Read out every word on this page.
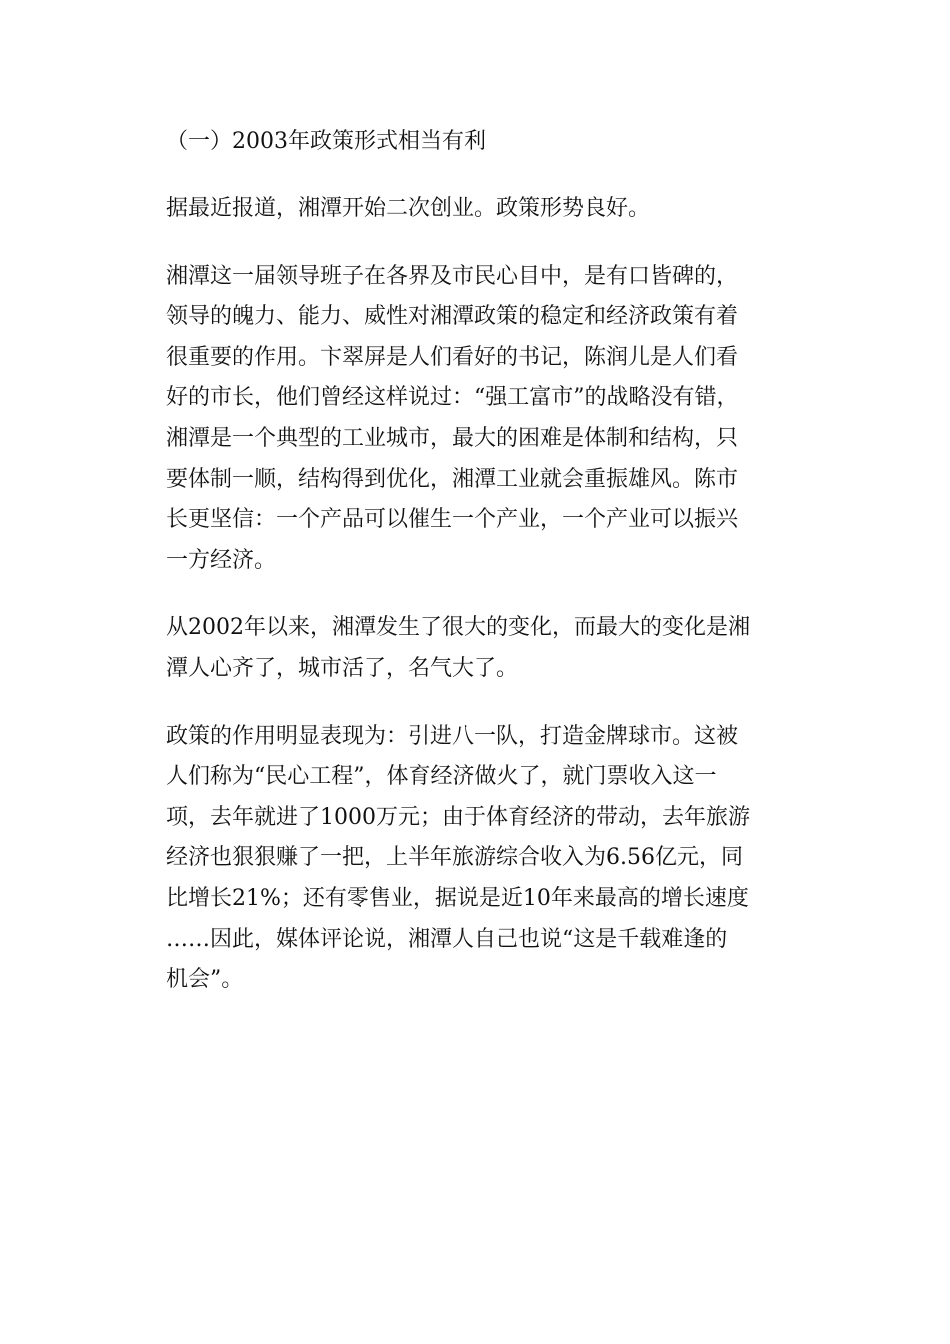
（一）2003年政策形式相当有利

据最近报道，湘潭开始二次创业。政策形势良好。

湘潭这一届领导班子在各界及市民心目中，是有口皆碑的，
领导的魄力、能力、威性对湘潭政策的稳定和经济政策有着
很重要的作用。卞翠屏是人们看好的书记，陈润儿是人们看
好的市长，他们曾经这样说过：“强工富市”的战略没有错，
湘潭是一个典型的工业城市，最大的困难是体制和结构，只
要体制一顺，结构得到优化，湘潭工业就会重振雄风。陈市
长更坚信：一个产品可以催生一个产业，一个产业可以振兴
一方经济。

从2002年以来，湘潭发生了很大的变化，而最大的变化是湘
潭人心齐了，城市活了，名气大了。

政策的作用明显表现为：引进八一队，打造金牌球市。这被
人们称为“民心工程”，体育经济做火了，就门票收入这一
项，去年就进了1000万元；由于体育经济的带动，去年旅游
经济也狠狠赚了一把，上半年旅游综合收入为6.56亿元，同
比增长21%；还有零售业，据说是近10年来最高的增长速度
……因此，媒体评论说，湘潭人自己也说“这是千载难逢的
机会”。
